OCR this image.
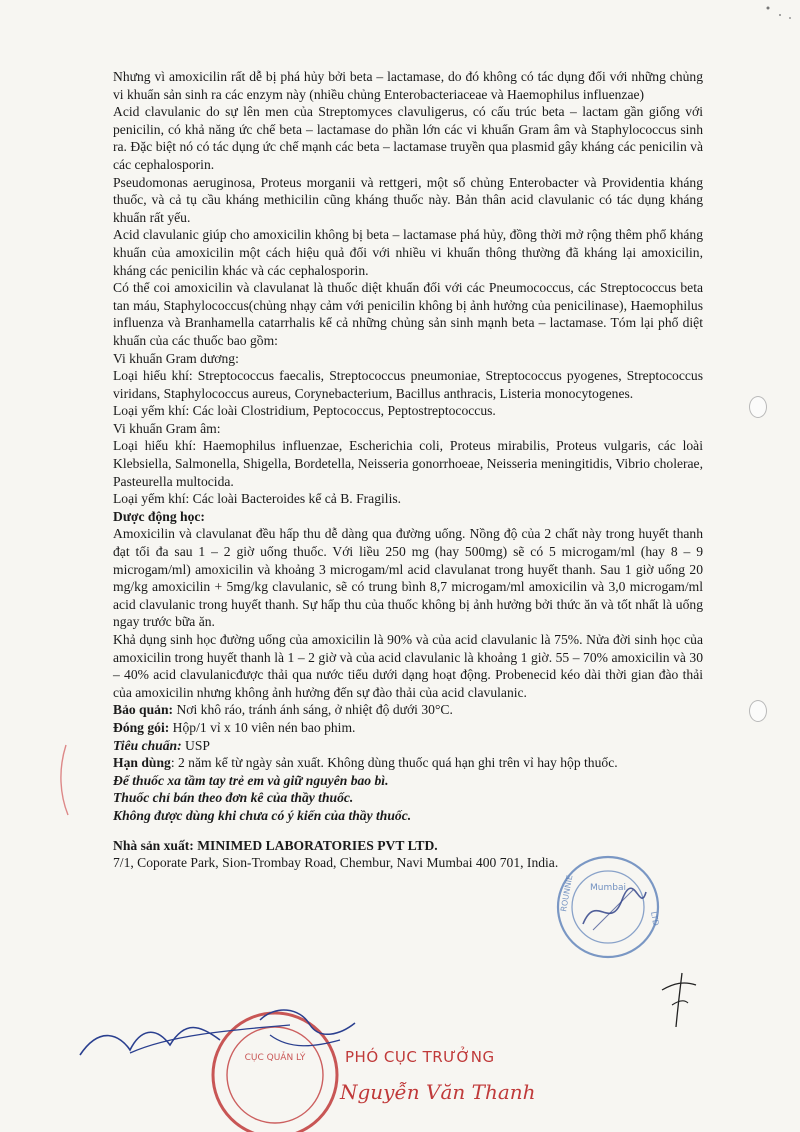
Nhưng vì amoxicilin rất dễ bị phá hủy bởi beta – lactamase, do đó không có tác dụng đối với những chủng vi khuẩn sản sinh ra các enzym này (nhiều chủng Enterobacteriaceae và Haemophilus influenzae)

Acid clavulanic do sự lên men của Streptomyces clavuligerus, có cấu trúc beta – lactam gần giống với penicilin, có khả năng ức chế beta – lactamase do phần lớn các vi khuẩn Gram âm và Staphylococcus sinh ra. Đặc biệt nó có tác dụng ức chế mạnh các beta – lactamase truyền qua plasmid gây kháng các penicilin và các cephalosporin.

Pseudomonas aeruginosa, Proteus morganii và rettgeri, một số chủng Enterobacter và Providentia kháng thuốc, và cả tụ cầu kháng methicilin cũng kháng thuốc này. Bản thân acid clavulanic có tác dụng kháng khuẩn rất yếu.

Acid clavulanic giúp cho amoxicilin không bị beta – lactamase phá hủy, đồng thời mở rộng thêm phổ kháng khuẩn của amoxicilin một cách hiệu quả đối với nhiều vi khuẩn thông thường đã kháng lại amoxicilin, kháng các penicilin khác và các cephalosporin.

Có thể coi amoxicilin và clavulanat là thuốc diệt khuẩn đối với các Pneumococcus, các Streptococcus beta tan máu, Staphylococcus(chủng nhạy cảm với penicilin không bị ảnh hưởng của penicilinase), Haemophilus influenza và Branhamella catarrhalis kể cả những chủng sản sinh mạnh beta – lactamase. Tóm lại phổ diệt khuẩn của các thuốc bao gồm:

Vi khuẩn Gram dương:

Loại hiếu khí: Streptococcus faecalis, Streptococcus pneumoniae, Streptococcus pyogenes, Streptococcus viridans, Staphylococcus aureus, Corynebacterium, Bacillus anthracis, Listeria monocytogenes.

Loại yếm khí: Các loài Clostridium, Peptococcus, Peptostreptococcus.

Vi khuẩn Gram âm:

Loại hiếu khí: Haemophilus influenzae, Escherichia coli, Proteus mirabilis, Proteus vulgaris, các loài Klebsiella, Salmonella, Shigella, Bordetella, Neisseria gonorrhoeae, Neisseria meningitidis, Vibrio cholerae, Pasteurella multocida.

Loại yếm khí: Các loài Bacteroides kể cả B. Fragilis.

Dược động học:

Amoxicilin và clavulanat đều hấp thu dễ dàng qua đường uống. Nồng độ của 2 chất này trong huyết thanh đạt tối đa sau 1 – 2 giờ uống thuốc. Với liều 250 mg (hay 500mg) sẽ có 5 microgam/ml (hay 8 – 9 microgam/ml) amoxicilin và khoảng 3 microgam/ml acid clavulanat trong huyết thanh. Sau 1 giờ uống 20 mg/kg amoxicilin + 5mg/kg clavulanic, sẽ có trung bình 8,7 microgam/ml amoxicilin và 3,0 microgam/ml acid clavulanic trong huyết thanh. Sự hấp thu của thuốc không bị ảnh hưởng bởi thức ăn và tốt nhất là uống ngay trước bữa ăn.

Khả dụng sinh học đường uống của amoxicilin là 90% và của acid clavulanic là 75%. Nửa đời sinh học của amoxicilin trong huyết thanh là 1 – 2 giờ và của acid clavulanic là khoảng 1 giờ. 55 – 70% amoxicilin và 30 – 40% acid clavulanicđược thải qua nước tiểu dưới dạng hoạt động. Probenecid kéo dài thời gian đào thải của amoxicilin nhưng không ảnh hưởng đến sự đào thải của acid clavulanic.

Bảo quản: Nơi khô ráo, tránh ánh sáng, ở nhiệt độ dưới 30°C.

Đóng gói: Hộp/1 vỉ x 10 viên nén bao phim.

Tiêu chuẩn: USP

Hạn dùng: 2 năm kể từ ngày sản xuất. Không dùng thuốc quá hạn ghi trên vỉ hay hộp thuốc.

Để thuốc xa tầm tay trẻ em và giữ nguyên bao bì.

Thuốc chỉ bán theo đơn kê của thầy thuốc.

Không được dùng khi chưa có ý kiến của thầy thuốc.

Nhà sản xuất: MINIMED LABORATORIES PVT LTD.

7/1, Coporate Park, Sion-Trombay Road, Chembur, Navi Mumbai 400 701, India.

Mumbai
ROUNNIE
LTD
CỤC QUẢN LÝ	PHÓ CỤC TRƯỞNG
Nguyễn Văn Thanh
